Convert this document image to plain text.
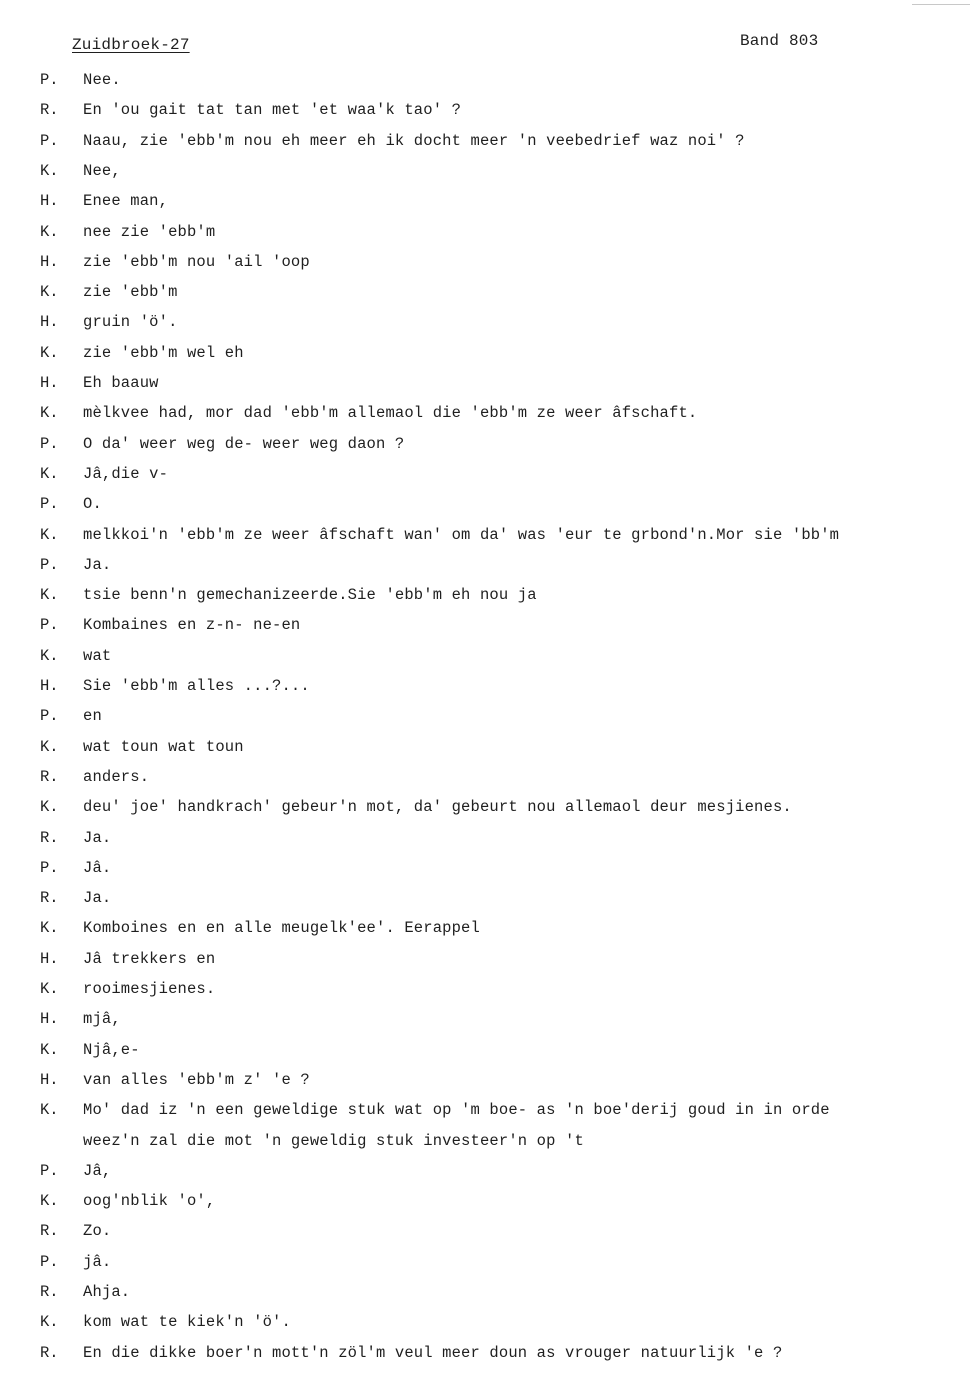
Zuidbroek-27	Band 803
P. Nee.
R. En 'ou gait tat tan met 'et waa'k tao' ?
P. Naau, zie 'ebb'm nou eh meer eh ik docht meer 'n veebedrief waz noi' ?
K. Nee,
H. Enee man,
K. nee zie 'ebb'm
H. zie 'ebb'm nou 'ail 'oop
K. zie 'ebb'm
H. gruin 'ö'.
K. zie 'ebb'm wel eh
H. Eh baauw
K. mèlkvee had, mor dad 'ebb'm allemaol die 'ebb'm ze weer âfschaft.
P. O da' weer weg de- weer weg daon ?
K. Jâ,die v-
P. O.
K. melkkoi'n 'ebb'm ze weer âfschaft wan' om da' was 'eur te grbond'n.Mor sie 'bb'm
P. Ja.
K. tsie benn'n gemechanizeerde.Sie 'ebb'm eh nou ja
P. Kombaines en z-n- ne-en
K. wat
H. Sie 'ebb'm alles ...?...
P. en
K. wat toun wat toun
R. anders.
K. deu' joe' handkrach' gebeur'n mot, da' gebeurt nou allemaol deur mesjienes.
R. Ja.
P. Jâ.
R. Ja.
K. Komboines en en alle meugelk'ee'. Eerappel
H. Jâ trekkers en
K. rooimesjienes.
H. mjâ,
K. Njâ,e-
H. van alles 'ebb'm z' 'e ?
K. Mo' dad iz 'n een geweldige stuk wat op 'm boe- as 'n boe'derij goud in in orde
weez'n zal die mot 'n geweldig stuk investeer'n op 't
P. Jâ,
K. oog'nblik 'o',
R. Zo.
P. jâ.
R. Ahja.
K. kom wat te kiek'n 'ö'.
R. En die dikke boer'n mott'n zöl'm veul meer doun as vrouger natuurlijk 'e ?
